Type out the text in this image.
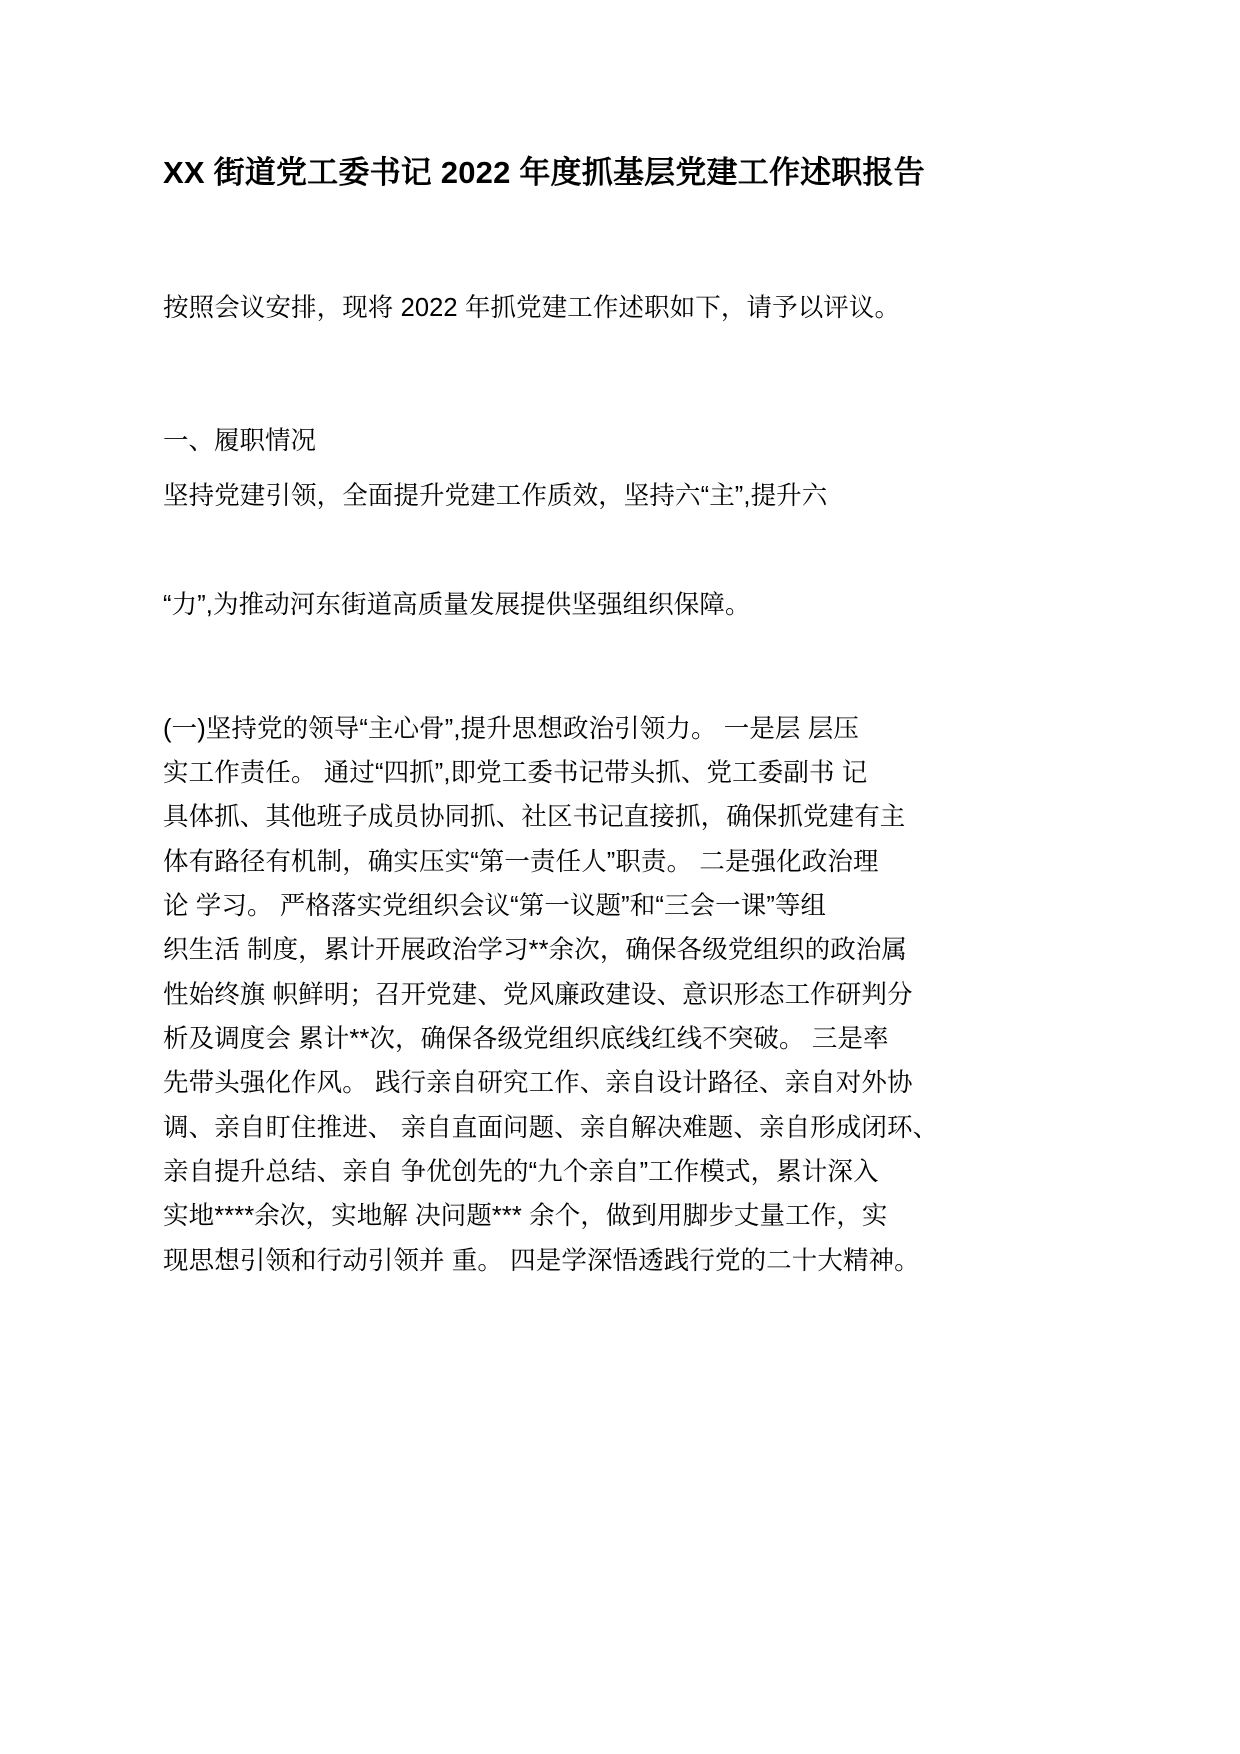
XX 街道党工委书记 2022 年度抓基层党建工作述职报告

按照会议安排，现将 2022 年抓党建工作述职如下，请予以评议。

一、履职情况

坚持党建引领，全面提升党建工作质效，坚持六“主”,提升六

“力”,为推动河东街道高质量发展提供坚强组织保障。

(一)坚持党的领导“主心骨”,提升思想政治引领力。 一是层 层压
实工作责任。 通过“四抓”,即党工委书记带头抓、党工委副书 记
具体抓、其他班子成员协同抓、社区书记直接抓，确保抓党建有主
体有路径有机制，确实压实“第一责任人”职责。 二是强化政治理
论 学习。 严格落实党组织会议“第一议题”和“三会一课”等组
织生活 制度，累计开展政治学习**余次，确保各级党组织的政治属
性始终旗 帜鲜明；召开党建、党风廉政建设、意识形态工作研判分
析及调度会 累计**次，确保各级党组织底线红线不突破。 三是率
先带头强化作风。 践行亲自研究工作、亲自设计路径、亲自对外协
调、亲自盯住推进、 亲自直面问题、亲自解决难题、亲自形成闭环、
亲自提升总结、亲自 争优创先的“九个亲自”工作模式，累计深入
实地****余次，实地解 决问题*** 余个，做到用脚步丈量工作，实
现思想引领和行动引领并 重。 四是学深悟透践行党的二十大精神。
